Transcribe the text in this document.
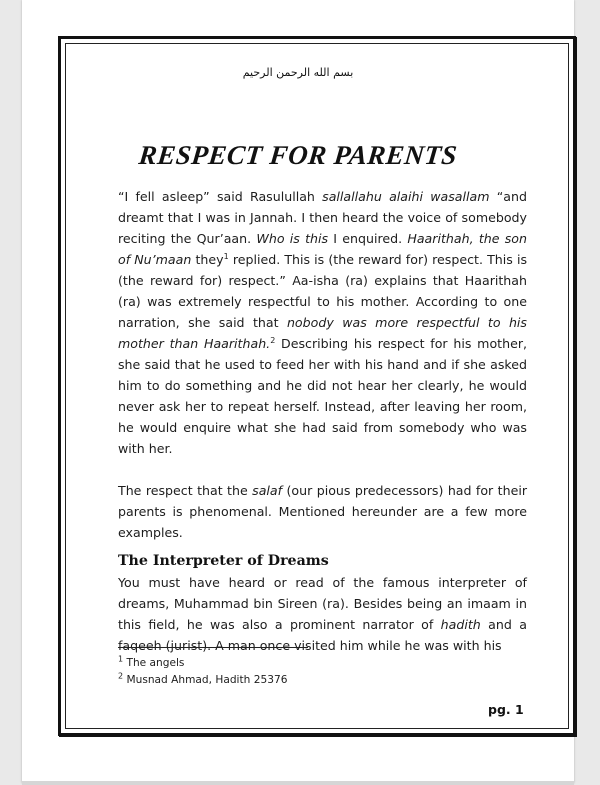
بسم الله الرحمن الرحيم
RESPECT FOR PARENTS

“I fell asleep” said Rasulullah sallallahu alaihi wasallam “and dreamt that I was in Jannah. I then heard the voice of somebody reciting the Qur’aan. Who is this I enquired. Haarithah, the son of Nu’maan they$^1$ replied. This is (the reward for) respect. This is (the reward for) respect.” Aa-isha (ra) explains that Haarithah (ra) was extremely respectful to his mother. According to one narration, she said that nobody was more respectful to his mother than Haarithah.$^2$ Describing his respect for his mother, she said that he used to feed her with his hand and if she asked him to do something and he did not hear her clearly, he would never ask her to repeat herself. Instead, after leaving her room, he would enquire what she had said from somebody who was with her.

The respect that the salaf (our pious predecessors) had for their parents is phenomenal. Mentioned hereunder are a few more examples.

The Interpreter of Dreams

You must have heard or read of the famous interpreter of dreams, Muhammad bin Sireen (ra). Besides being an imaam in this field, he was also a prominent narrator of hadith and a faqeeh (jurist). A man once visited him while he was with his

$^1$ The angels
$^2$ Musnad Ahmad, Hadith 25376
pg. 1
